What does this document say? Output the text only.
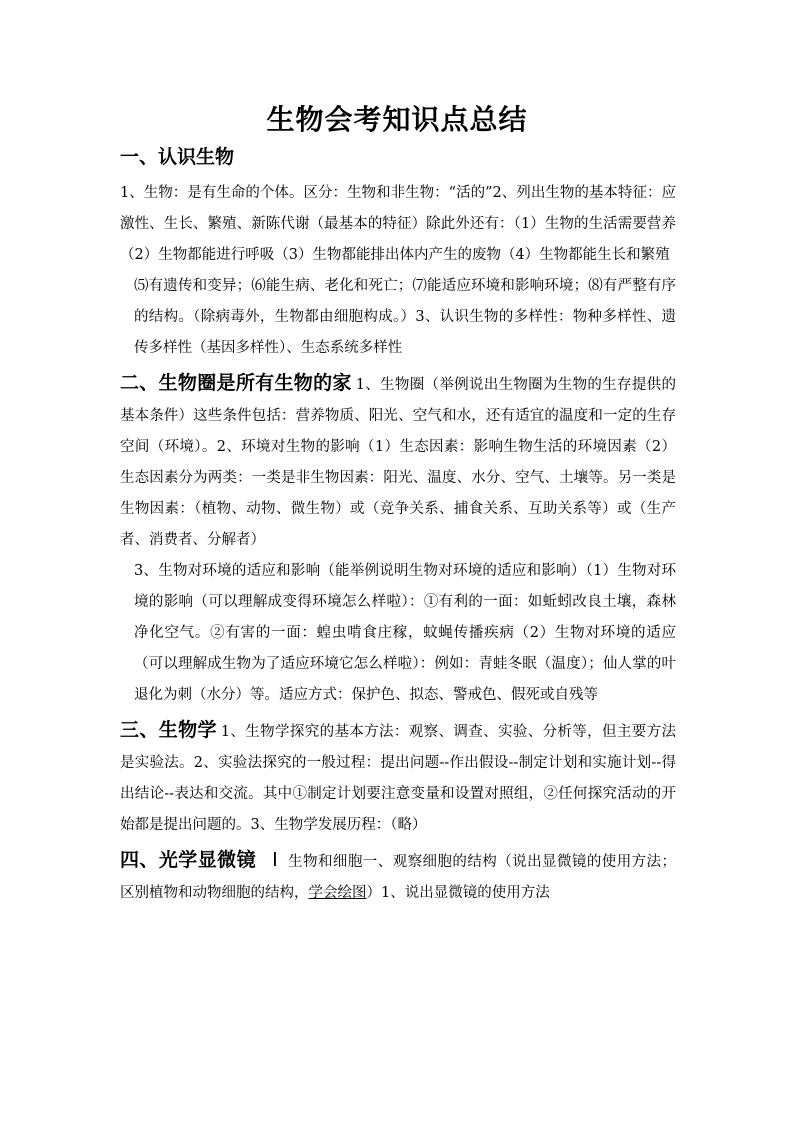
生物会考知识点总结
一、认识生物
1、生物：是有生命的个体。区分：生物和非生物：“活的”2、列出生物的基本特征：应激性、生长、繁殖、新陈代谢（最基本的特征）除此外还有：（1）生物的生活需要营养（2）生物都能进行呼吸（3）生物都能排出体内产生的废物（4）生物都能生长和繁殖
⑸有遗传和变异；⑹能生病、老化和死亡；⑺能适应环境和影响环境；⑻有严整有序的结构。（除病毒外，生物都由细胞构成。）3、认识生物的多样性：物种多样性、遗传多样性（基因多样性）、生态系统多样性
二、生物圈是所有生物的家 1、生物圈（举例说出生物圈为生物的生存提供的基本条件）这些条件包括：营养物质、阳光、空气和水，还有适宜的温度和一定的生存空间（环境）。2、环境对生物的影响（1）生态因素：影响生物生活的环境因素（2）生态因素分为两类：一类是非生物因素：阳光、温度、水分、空气、土壤等。另一类是生物因素：（植物、动物、微生物）或（竞争关系、捕食关系、互助关系等）或（生产者、消费者、分解者）
3、生物对环境的适应和影响（能举例说明生物对环境的适应和影响）（1）生物对环境的影响（可以理解成变得环境怎么样啦）：①有利的一面：如蚯蚓改良土壤，森林净化空气。②有害的一面：蝗虫啃食庄稼，蚊蝇传播疾病（2）生物对环境的适应（可以理解成生物为了适应环境它怎么样啦）：例如：青蛙冬眠（温度）；仙人掌的叶退化为刺（水分）等。适应方式：保护色、拟态、警戒色、假死或自残等
三、生物学 1、生物学探究的基本方法：观察、调查、实验、分析等，但主要方法是实验法。2、实验法探究的一般过程：提出问题--作出假设--制定计划和实施计划--得出结论--表达和交流。其中①制定计划要注意变量和设置对照组，②任何探究活动的开始都是提出问题的。3、生物学发展历程：（略）
四、光学显微镜 Ⅰ 生物和细胞一、观察细胞的结构（说出显微镜的使用方法；区别植物和动物细胞的结构，学会绘图）1、说出显微镜的使用方法
